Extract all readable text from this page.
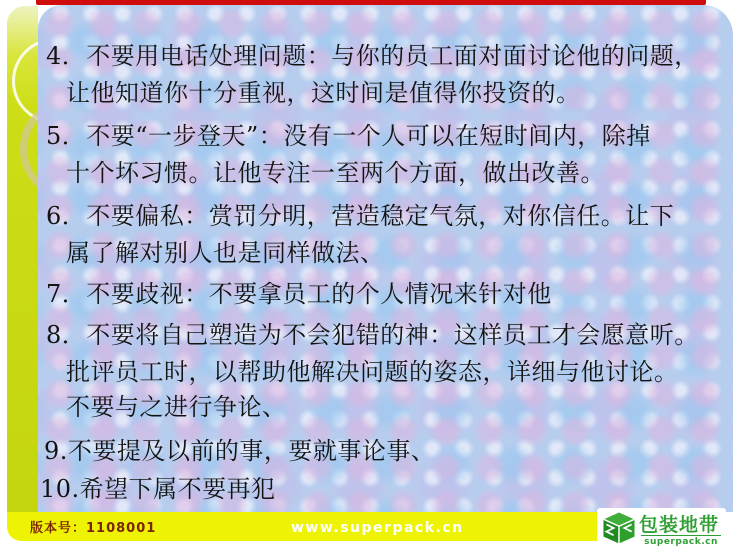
4．不要用电话处理问题：与你的员工面对面讨论他的问题，
让他知道你十分重视，这时间是值得你投资的。
5．不要“一步登天”：没有一个人可以在短时间内，除掉
十个坏习惯。让他专注一至两个方面，做出改善。
6．不要偏私：赏罚分明，营造稳定气氛，对你信任。让下
属了解对别人也是同样做法、
7．不要歧视：不要拿员工的个人情况来针对他
8．不要将自己塑造为不会犯错的神：这样员工才会愿意听。
批评员工时，以帮助他解决问题的姿态，详细与他讨论。
不要与之进行争论、
9.不要提及以前的事，要就事论事、
10.希望下属不要再犯
版本号：1108001	www.superpack.cn	包装地带
superpack.cn
